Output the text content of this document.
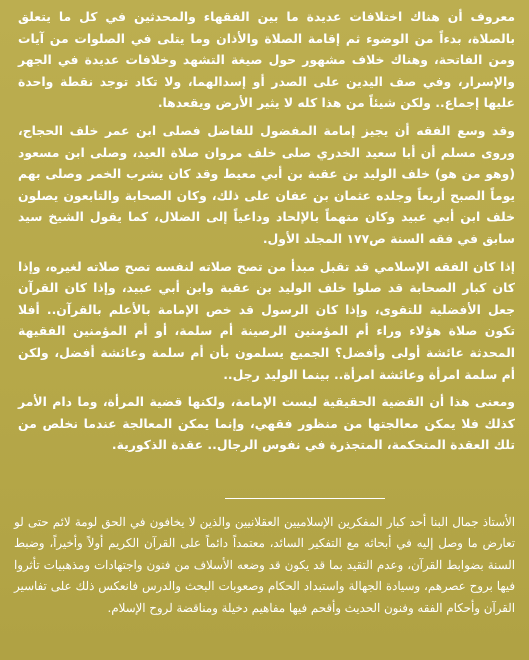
معروف أن هناك اختلافات عديدة ما بين الفقهاء والمحدثين في كل ما يتعلق بالصلاة، بدءاً من الوضوء ثم إقامة الصلاة والأذان وما يتلى في الصلوات من آيات ومن الفاتحة، وهناك خلاف مشهور حول صيغة التشهد وخلافات عديدة في الجهر والإسرار، وفي صف اليدين على الصدر أو إسدالهما، ولا تكاد توجد نقطة واحدة عليها إجماع.. ولكن شيئاً من هذا كله لا يثير الأرض ويقعدها.

وقد وسع الفقه أن يجيز إمامة المفضول للفاضل فصلى ابن عمر خلف الحجاج، وروى مسلم أن أبا سعيد الخدري صلى خلف مروان صلاة العيد، وصلى ابن مسعود (وهو من هو) خلف الوليد بن عقبة بن أبي معيط وقد كان يشرب الخمر وصلى بهم يوماً الصبح أربعاً وجلده عثمان بن عفان على ذلك، وكان الصحابة والتابعون يصلون خلف ابن أبي عبيد وكان متهماً بالإلحاد وداعياً إلى الضلال، كما يقول الشيخ سيد سابق في فقه السنة ص١٧٧ المجلد الأول.

إذا كان الفقه الإسلامي قد تقبل مبدأ من تصح صلاته لنفسه تصح صلاته لغيره، وإذا كان كبار الصحابة قد صلوا خلف الوليد بن عقبة وابن أبي عبيد، وإذا كان القرآن جعل الأفضلية للتقوى، وإذا كان الرسول قد خص الإمامة بالأعلم بالقرآن.. أفلا تكون صلاة هؤلاء وراء أم المؤمنين الرصينة أم سلمة، أو أم المؤمنين الفقيهة المحدثة عائشة أولى وأفضل؟ الجميع يسلمون بأن أم سلمة وعائشة أفضل، ولكن أم سلمة امرأة وعائشة امرأة.. بينما الوليد رجل..

ومعنى هذا أن القضية الحقيقية ليست الإمامة، ولكنها قضية المرأة، وما دام الأمر كذلك فلا يمكن معالجتها من منظور فقهي، وإنما يمكن المعالجة عندما نخلص من تلك العقدة المتحكمة، المتجذرة في نفوس الرجال.. عقدة الذكورية.

الأستاذ جمال البنا أحد كبار المفكرين الإسلاميين العقلانيين والذين لا يخافون في الحق لومة لائم حتى لو تعارض ما وصل إليه في أبحاثه مع التفكير السائد، معتمداً دائماً على القرآن الكريم أولاً وأخيراً، وضبط السنة بضوابط القرآن، وعدم التقيد بما قد يكون قد وضعه الأسلاف من فنون واجتهادات ومذهبيات تأثروا فيها بروح عصرهم، وسيادة الجهالة واستبداد الحكام وصعوبات البحث والدرس فانعكس ذلك على تفاسير القرآن وأحكام الفقه وفنون الحديث وأقحم فيها مفاهيم دخيلة ومناقضة لروح الإسلام.
